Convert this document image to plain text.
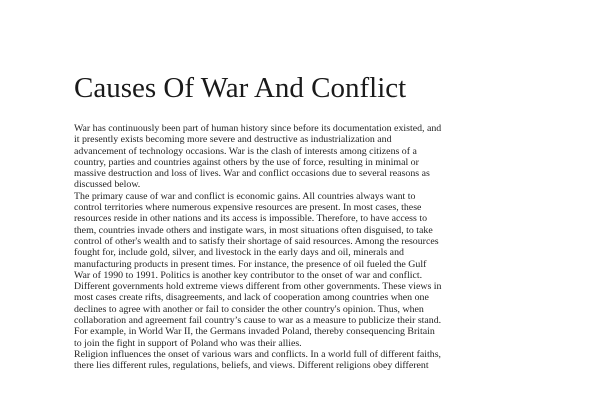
Causes Of War And Conflict
War has continuously been part of human history since before its documentation existed, and
it presently exists becoming more severe and destructive as industrialization and
advancement of technology occasions. War is the clash of interests among citizens of a
country, parties and countries against others by the use of force, resulting in minimal or
massive destruction and loss of lives. War and conflict occasions due to several reasons as
discussed below.
The primary cause of war and conflict is economic gains. All countries always want to
control territories where numerous expensive resources are present. In most cases, these
resources reside in other nations and its access is impossible. Therefore, to have access to
them, countries invade others and instigate wars, in most situations often disguised, to take
control of other's wealth and to satisfy their shortage of said resources. Among the resources
fought for, include gold, silver, and livestock in the early days and oil, minerals and
manufacturing products in present times. For instance, the presence of oil fueled the Gulf
War of 1990 to 1991. Politics is another key contributor to the onset of war and conflict.
Different governments hold extreme views different from other governments. These views in
most cases create rifts, disagreements, and lack of cooperation among countries when one
declines to agree with another or fail to consider the other country's opinion. Thus, when
collaboration and agreement fail country’s cause to war as a measure to publicize their stand.
For example, in World War II, the Germans invaded Poland, thereby consequencing Britain
to join the fight in support of Poland who was their allies.
Religion influences the onset of various wars and conflicts. In a world full of different faiths,
there lies different rules, regulations, beliefs, and views. Different religions obey different
